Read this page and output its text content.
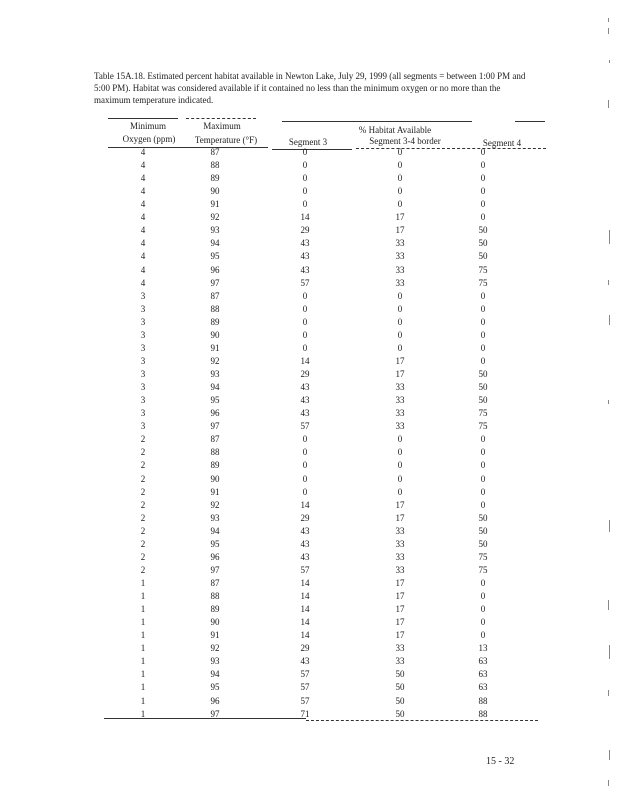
Table 15A.18. Estimated percent habitat available in Newton Lake, July 29, 1999 (all segments = between 1:00 PM and 5:00 PM). Habitat was considered available if it contained no less than the minimum oxygen or no more than the maximum temperature indicated.
Minimum	Maximum	% Habitat Available
Oxygen (ppm)	Temperature (°F)	Segment 3	Segment 3-4 border	Segment 4
4	87	0	0	0
4	88	0	0	0
4	89	0	0	0
4	90	0	0	0
4	91	0	0	0
4	92	14	17	0
4	93	29	17	50
4	94	43	33	50
4	95	43	33	50
4	96	43	33	75
4	97	57	33	75
3	87	0	0	0
3	88	0	0	0
3	89	0	0	0
3	90	0	0	0
3	91	0	0	0
3	92	14	17	0
3	93	29	17	50
3	94	43	33	50
3	95	43	33	50
3	96	43	33	75
3	97	57	33	75
2	87	0	0	0
2	88	0	0	0
2	89	0	0	0
2	90	0	0	0
2	91	0	0	0
2	92	14	17	0
2	93	29	17	50
2	94	43	33	50
2	95	43	33	50
2	96	43	33	75
2	97	57	33	75
1	87	14	17	0
1	88	14	17	0
1	89	14	17	0
1	90	14	17	0
1	91	14	17	0
1	92	29	33	13
1	93	43	33	63
1	94	57	50	63
1	95	57	50	63
1	96	57	50	88
1	97	71	50	88
15 - 32
